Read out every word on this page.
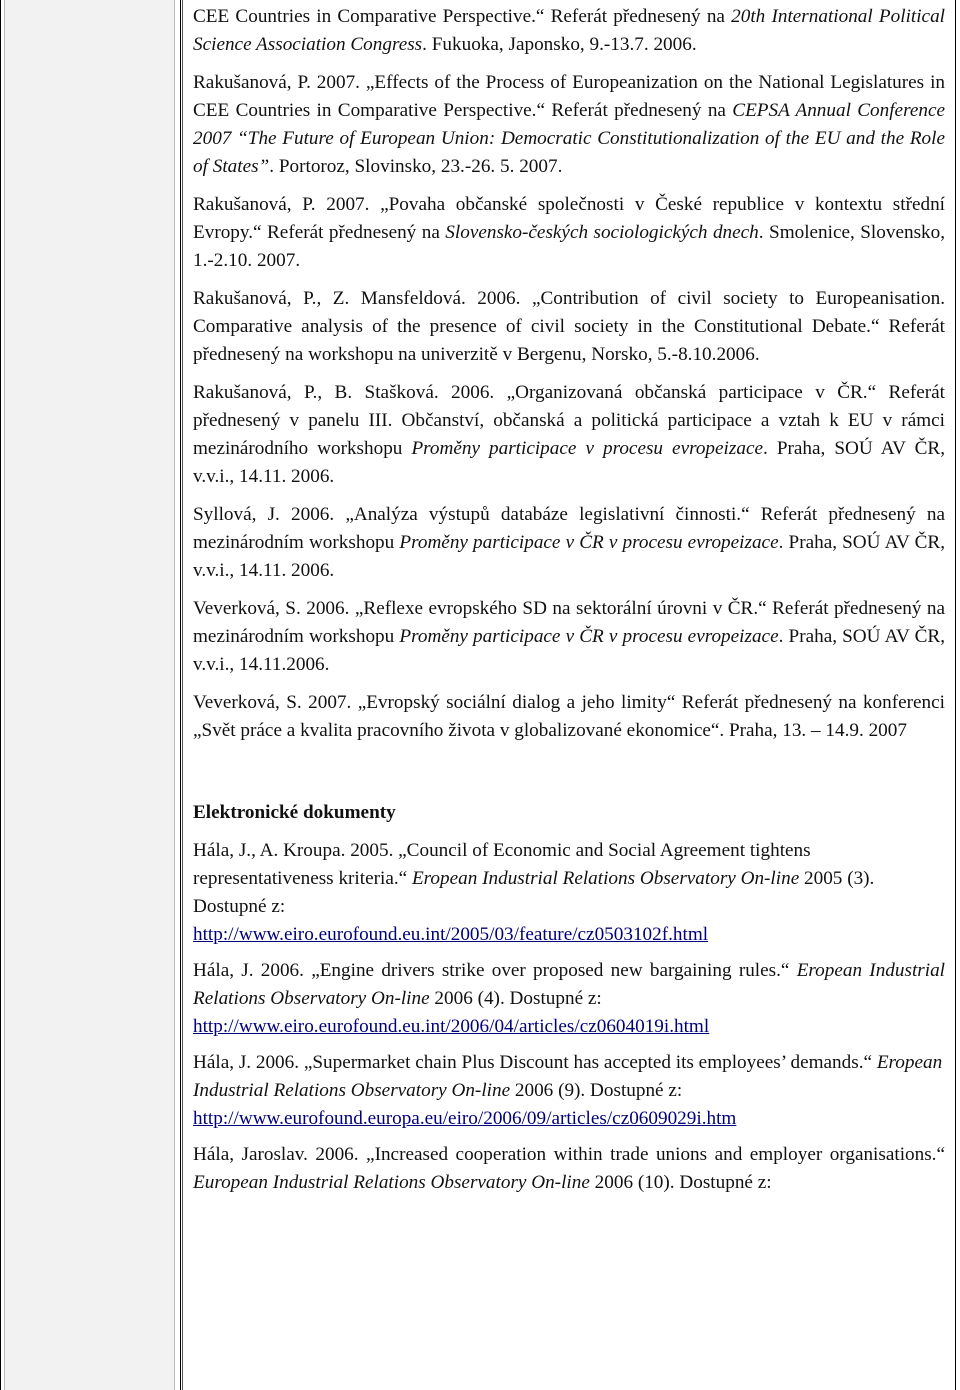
CEE Countries in Comparative Perspective.“ Referát přednesený na 20th International Political Science Association Congress. Fukuoka, Japonsko, 9.-13.7. 2006.

Rakušanová, P. 2007. „Effects of the Process of Europeanization on the National Legislatures in CEE Countries in Comparative Perspective.“ Referát přednesený na CEPSA Annual Conference 2007 “The Future of European Union: Democratic Constitutionalization of the EU and the Role of States”. Portoroz, Slovinsko, 23.-26. 5. 2007.

Rakušanová, P. 2007. „Povaha občanské společnosti v České republice v kontextu střední Evropy.“ Referát přednesený na Slovensko-českých sociologických dnech. Smolenice, Slovensko, 1.-2.10. 2007.

Rakušanová, P., Z. Mansfeldová. 2006. „Contribution of civil society to Europeanisation. Comparative analysis of the presence of civil society in the Constitutional Debate.“ Referát přednesený na workshopu na univerzitě v Bergenu, Norsko, 5.-8.10.2006.

Rakušanová, P., B. Stašková. 2006. „Organizovaná občanská participace v ČR.“ Referát přednesený v panelu III. Občanství, občanská a politická participace a vztah k EU v rámci mezinárodního workshopu Proměny participace v procesu evropeizace. Praha, SOÚ AV ČR, v.v.i., 14.11. 2006.

Syllová, J. 2006. „Analýza výstupů databáze legislativní činnosti.“ Referát přednesený na mezinárodním workshopu Proměny participace v ČR v procesu evropeizace. Praha, SOÚ AV ČR, v.v.i., 14.11. 2006.

Veverková, S. 2006. „Reflexe evropského SD na sektorální úrovni v ČR.“ Referát přednesený na mezinárodním workshopu Proměny participace v ČR v procesu evropeizace. Praha, SOÚ AV ČR, v.v.i., 14.11.2006.

Veverková, S. 2007. „Evropský sociální dialog a jeho limity“ Referát přednesený na konferenci „Svět práce a kvalita pracovního života v globalizované ekonomice“. Praha, 13. – 14.9. 2007

Elektronické dokumenty

Hála, J., A. Kroupa. 2005. „Council of Economic and Social Agreement tightens representativeness kriteria.“ Eropean Industrial Relations Observatory On-line 2005 (3). Dostupné z:
http://www.eiro.eurofound.eu.int/2005/03/feature/cz0503102f.html

Hála, J. 2006. „Engine drivers strike over proposed new bargaining rules.“ Eropean Industrial Relations Observatory On-line 2006 (4). Dostupné z:
http://www.eiro.eurofound.eu.int/2006/04/articles/cz0604019i.html

Hála, J. 2006. „Supermarket chain Plus Discount has accepted its employees’ demands.“ Eropean Industrial Relations Observatory On-line 2006 (9). Dostupné z:
http://www.eurofound.europa.eu/eiro/2006/09/articles/cz0609029i.htm

Hála, Jaroslav. 2006. „Increased cooperation within trade unions and employer organisations.“ European Industrial Relations Observatory On-line 2006 (10). Dostupné z:
